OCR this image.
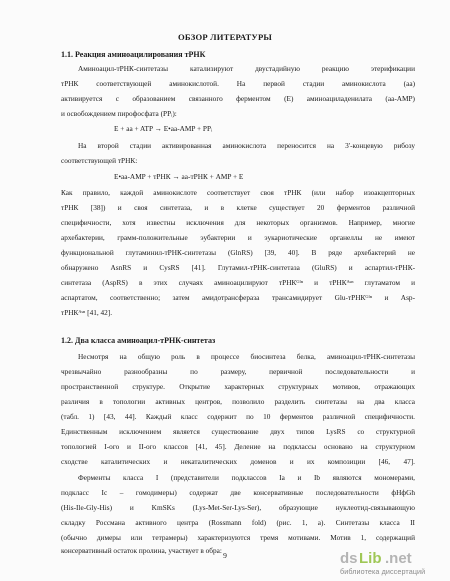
ОБЗОР ЛИТЕРАТУРЫ
1.1. Реакция аминоацилирования тРНК
Аминоацил-тРНК-синтетазы катализируют двустадийную реакцию этерификации
тРНК соответствующей аминокислотой. На первой стадии аминокислота (аа)
активируется с образованием связанного ферментом (Е) аминоациладенилата (аа-АМР)
и освобождением пирофосфата (PPᵢ):
E + aa + ATP → E•aa-AMP + PPᵢ
На второй стадии активированная аминокислота переносится на 3'-концевую рибозу
соответствующей тРНК:
E•aa-AMP + тРНК → aa-тРНК + AMP + E
Как правило, каждой аминокислоте соответствует своя тРНК (или набор изоакцепторных
тРНК [38]) и своя синтетаза, и в клетке существует 20 ферментов различной
специфичности, хотя известны исключения для некоторых организмов. Например, многие
архебактерии, грамм-положительные эубактерии и эукариотические органеллы не имеют
функциональной глутаминил-тРНК-синтетазы (GlnRS) [39, 40]. В ряде архебактерий не
обнаружено AsnRS и CysRS [41]. Глутамил-тРНК-синтетаза (GluRS) и аспартил-тРНК-
синтетаза (AspRS) в этих случаях аминоацилируют тРНКᴳˡⁿ и тРНКᴬˢⁿ глутаматом и
аспартатом, соответственно; затем амидотрансфераза трансамидирует Glu-тРНКᴳˡⁿ и Asp-
тРНКᴬˢⁿ [41, 42].
1.2. Два класса аминоацил-тРНК-синтетаз
Несмотря на общую роль в процессе биосинтеза белка, аминоацил-тРНК-синтетазы
чрезвычайно разнообразны по размеру, первичной последовательности и
пространственной структуре. Открытие характерных структурных мотивов, отражающих
различия в топологии активных центров, позволило разделить синтетазы на два класса
(табл. 1) [43, 44]. Каждый класс содержит по 10 ферментов различной специфичности.
Единственным исключением является существование двух типов LysRS со структурной
топологией I-ого и II-ого классов [41, 45]. Деление на подклассы основано на структурном
сходстве каталитических и некаталитических доменов и их композиции [46, 47].
Ферменты класса I (представители подклассов Ia и Ib являются мономерами,
подкласс Ic – гомодимеры) содержат две консервативные последовательности фHфGh
(His-Ile-Gly-His) и KmSKs (Lys-Met-Ser-Lys-Ser), образующие нуклеотид-связывающую
складку Россмана активного центра (Rossmann fold) (рис. 1, а). Синтетазы класса II
(обычно димеры или тетрамеры) характеризуются тремя мотивами. Мотив 1, содержащий
консервативный остаток пролина, участвует в обра:
9	ds Lib .net
библиотека диссертаций
